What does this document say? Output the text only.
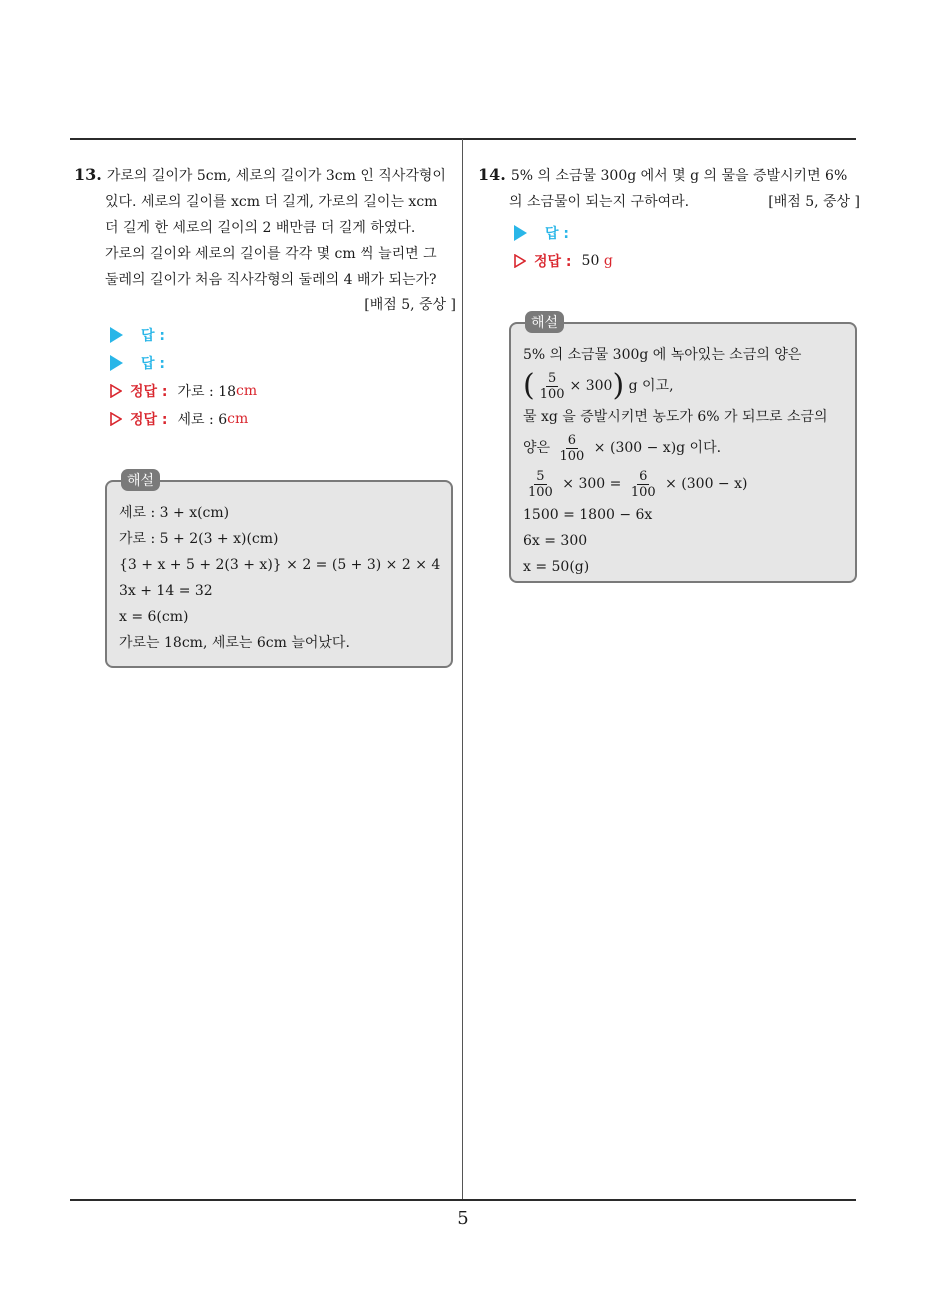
5
13. 가로의 길이가 5cm, 세로의 길이가 3cm 인 직사각형이
있다. 세로의 길이를 xcm 더 길게, 가로의 길이는 xcm
더 길게 한 세로의 길이의 2 배만큼 더 길게 하였다.
가로의 길이와 세로의 길이를 각각 몇 cm 씩 늘리면 그
둘레의 길이가 처음 직사각형의 둘레의 4 배가 되는가?
[배점 5, 중상 ]
답 :
답 :
정답 : 가로 : 18 cm
정답 : 세로 : 6 cm
해설
세로 : 3 + x(cm)
가로 : 5 + 2(3 + x)(cm)
{3 + x + 5 + 2(3 + x)} × 2 = (5 + 3) × 2 × 4
3x + 14 = 32
x = 6(cm)
가로는 18cm, 세로는 6cm 늘어났다.
14. 5% 의 소금물 300g 에서 몇 g 의 물을 증발시키면 6%
의 소금물이 되는지 구하여라.	[배점 5, 중상 ]
답 :
정답 : 50
g
해설
5% 의 소금물 300g 에 녹아있는 소금의 양은
( $\frac{5}{100} \times 300$) g 이고,
물 xg 을 증발시키면 농도가 6% 가 되므로 소금의
양은 $\frac{6}{100} \times (300 - x)g$ 이다.
$\frac{5}{100} \times 300 = \frac{6}{100} \times (300 - x)$
1500 = 1800 − 6x
6x = 300
x = 50(g)
